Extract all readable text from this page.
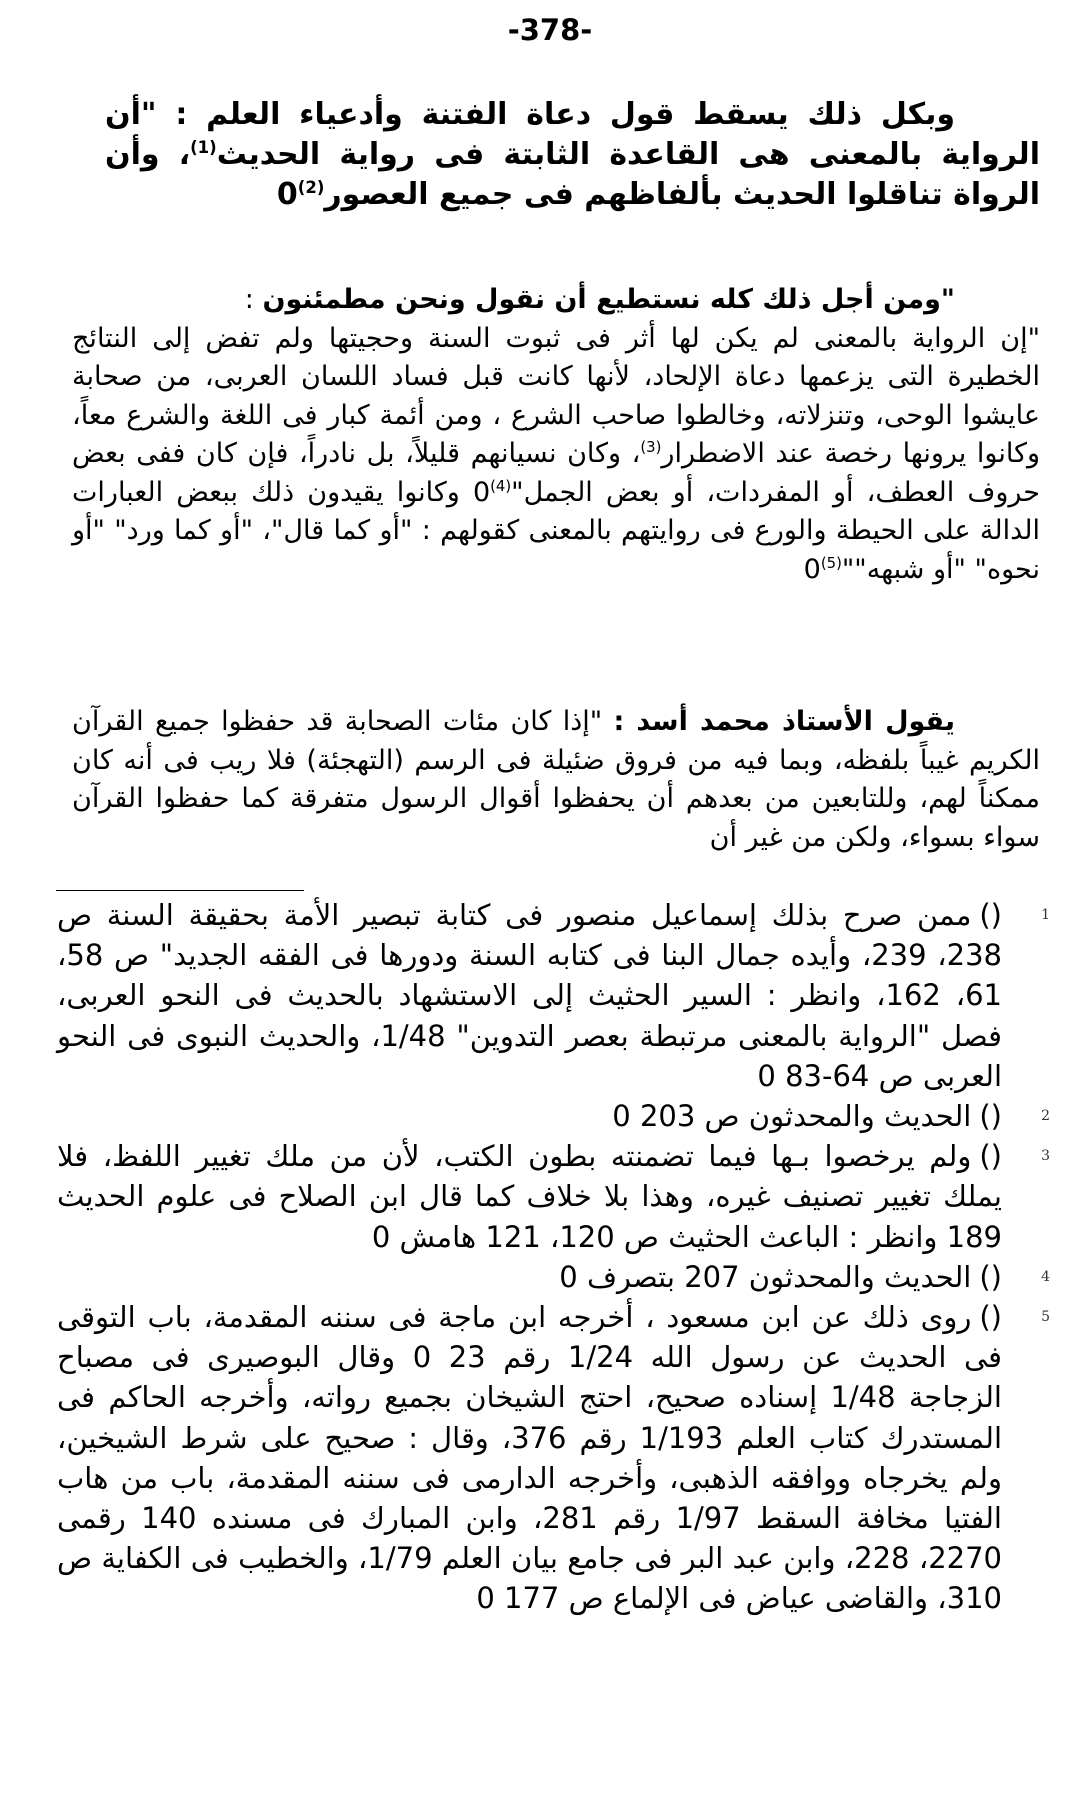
-378-
وبكل ذلك يسقط قول دعاة الفتنة وأدعياء العلم : "أن الرواية بالمعنى هى القاعدة الثابتة فى رواية الحديث$^{(1)}$، وأن الرواة تناقلوا الحديث بألفاظهم فى جميع العصور$^{(2)}$0
"ومن أجل ذلك كله نستطيع أن نقول ونحن مطمئنون :
"إن الرواية بالمعنى لم يكن لها أثر فى ثبوت السنة وحجيتها ولم تفض إلى النتائج الخطيرة التى يزعمها دعاة الإلحاد، لأنها كانت قبل فساد اللسان العربى، من صحابة عايشوا الوحى، وتنزلاته، وخالطوا صاحب الشرع ، ومن أئمة كبار فى اللغة والشرع معاً، وكانوا يرونها رخصة عند الاضطرار$^{(3)}$، وكان نسيانهم قليلاً، بل نادراً، فإن كان ففى بعض حروف العطف، أو المفردات، أو بعض الجمل"$^{(4)}$0 وكانوا يقيدون ذلك ببعض العبارات الدالة على الحيطة والورع فى روايتهم بالمعنى كقولهم : "أو كما قال"، "أو كما ورد" "أو نحوه" "أو شبهه""$^{(5)}$0
يقول الأستاذ محمد أسد : "إذا كان مئات الصحابة قد حفظوا جميع القرآن الكريم غيباً بلفظه، وبما فيه من فروق ضئيلة فى الرسم (التهجئة) فلا ريب فى أنه كان ممكناً لهم، وللتابعين من بعدهم أن يحفظوا أقوال الرسول متفرقة كما حفظوا القرآن سواء بسواء، ولكن من غير أن
1
()ممن صرح بذلك إسماعيل منصور فى كتابة تبصير الأمة بحقيقة السنة ص 238، 239، وأيده جمال البنا فى كتابه السنة ودورها فى الفقه الجديد" ص 58، 61، 162، وانظر : السير الحثيث إلى الاستشهاد بالحديث فى النحو العربى، فصل "الرواية بالمعنى مرتبطة بعصر التدوين" 1/48، والحديث النبوى فى النحو العربى ص 64-83 0
2
()الحديث والمحدثون ص 203 0
3
()ولم يرخصوا بـها فيما تضمنته بطون الكتب، لأن من ملك تغيير اللفظ، فلا يملك تغيير تصنيف غيره، وهذا بلا خلاف كما قال ابن الصلاح فى علوم الحديث 189 وانظر : الباعث الحثيث ص 120، 121 هامش 0
4
()الحديث والمحدثون 207 بتصرف 0
5
()روى ذلك عن ابن مسعود ، أخرجه ابن ماجة فى سننه المقدمة، باب التوقى فى الحديث عن رسول الله 1/24 رقم 23 0 وقال البوصيرى فى مصباح الزجاجة 1/48 إسناده صحيح، احتج الشيخان بجميع رواته، وأخرجه الحاكم فى المستدرك كتاب العلم 1/193 رقم 376، وقال : صحيح على شرط الشيخين، ولم يخرجاه ووافقه الذهبى، وأخرجه الدارمى فى سننه المقدمة، باب من هاب الفتيا مخافة السقط 1/97 رقم 281، وابن المبارك فى مسنده 140 رقمى 2270، 228، وابن عبد البر فى جامع بيان العلم 1/79، والخطيب فى الكفاية ص 310، والقاضى عياض فى الإلماع ص 177 0
